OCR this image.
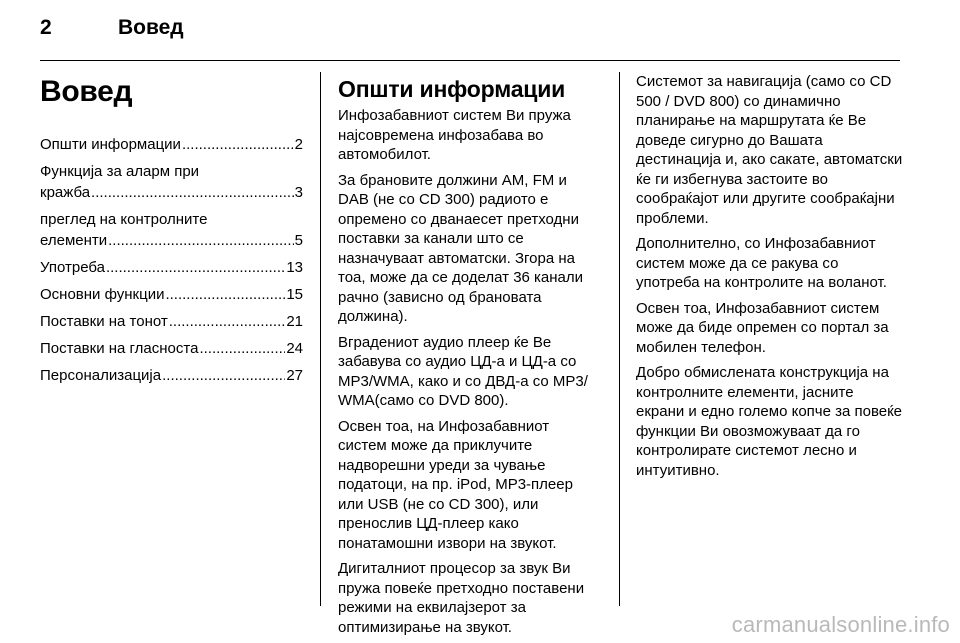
2	Вовед
Вовед
Општи информации .....	2
Функција за аларм при
кражба .....	3
преглед на контролните
елементи .....	5
Употреба .....	13
Основни функции .....	15
Поставки на тонот .....	21
Поставки на гласноста .....	24
Персонализација .....	27
Општи информации

Инфозабавниот систем Ви пружа најсовремена инфозабава во автомобилот.

За брановите должини AM, FM и DAB (не со CD 300) радиото е опремено со дванаесет претходни поставки за канали што се назначуваат автоматски. Згора на тоа, може да се доделат 36 канали рачно (зависно од брановата должина).

Вградениот аудио плеер ќе Ве забавува со аудио ЦД-а и ЦД-а со MP3/WMA, како и со ДВД-а со MP3/ WMA(само со DVD 800).

Освен тоа, на Инфозабавниот систем може да приклучите надворешни уреди за чување податоци, на пр. iPod, MP3-плеер или USB (не со CD 300), или пренослив ЦД-плеер како понатамошни извори на звукот.

Дигиталниот процесор за звук Ви пружа повеќе претходно поставени режими на еквилајзерот за оптимизирање на звукот.

Системот за навигација (само со CD 500 / DVD 800) со динамично планирање на маршрутата ќе Ве доведе сигурно до Вашата дестинација и, ако сакате, автоматски ќе ги избегнува застоите во сообраќајот или другите сообраќајни проблеми.

Дополнително, со Инфозабавниот систем може да се ракува со употреба на контролите на воланот.

Освен тоа, Инфозабавниот систем може да биде опремен со портал за мобилен телефон.

Добро обмислената конструкција на контролните елементи, јасните екрани и едно големо копче за повеќе функции Ви овозможуваат да го контролирате системот лесно и интуитивно.

carmanualsonline.info
